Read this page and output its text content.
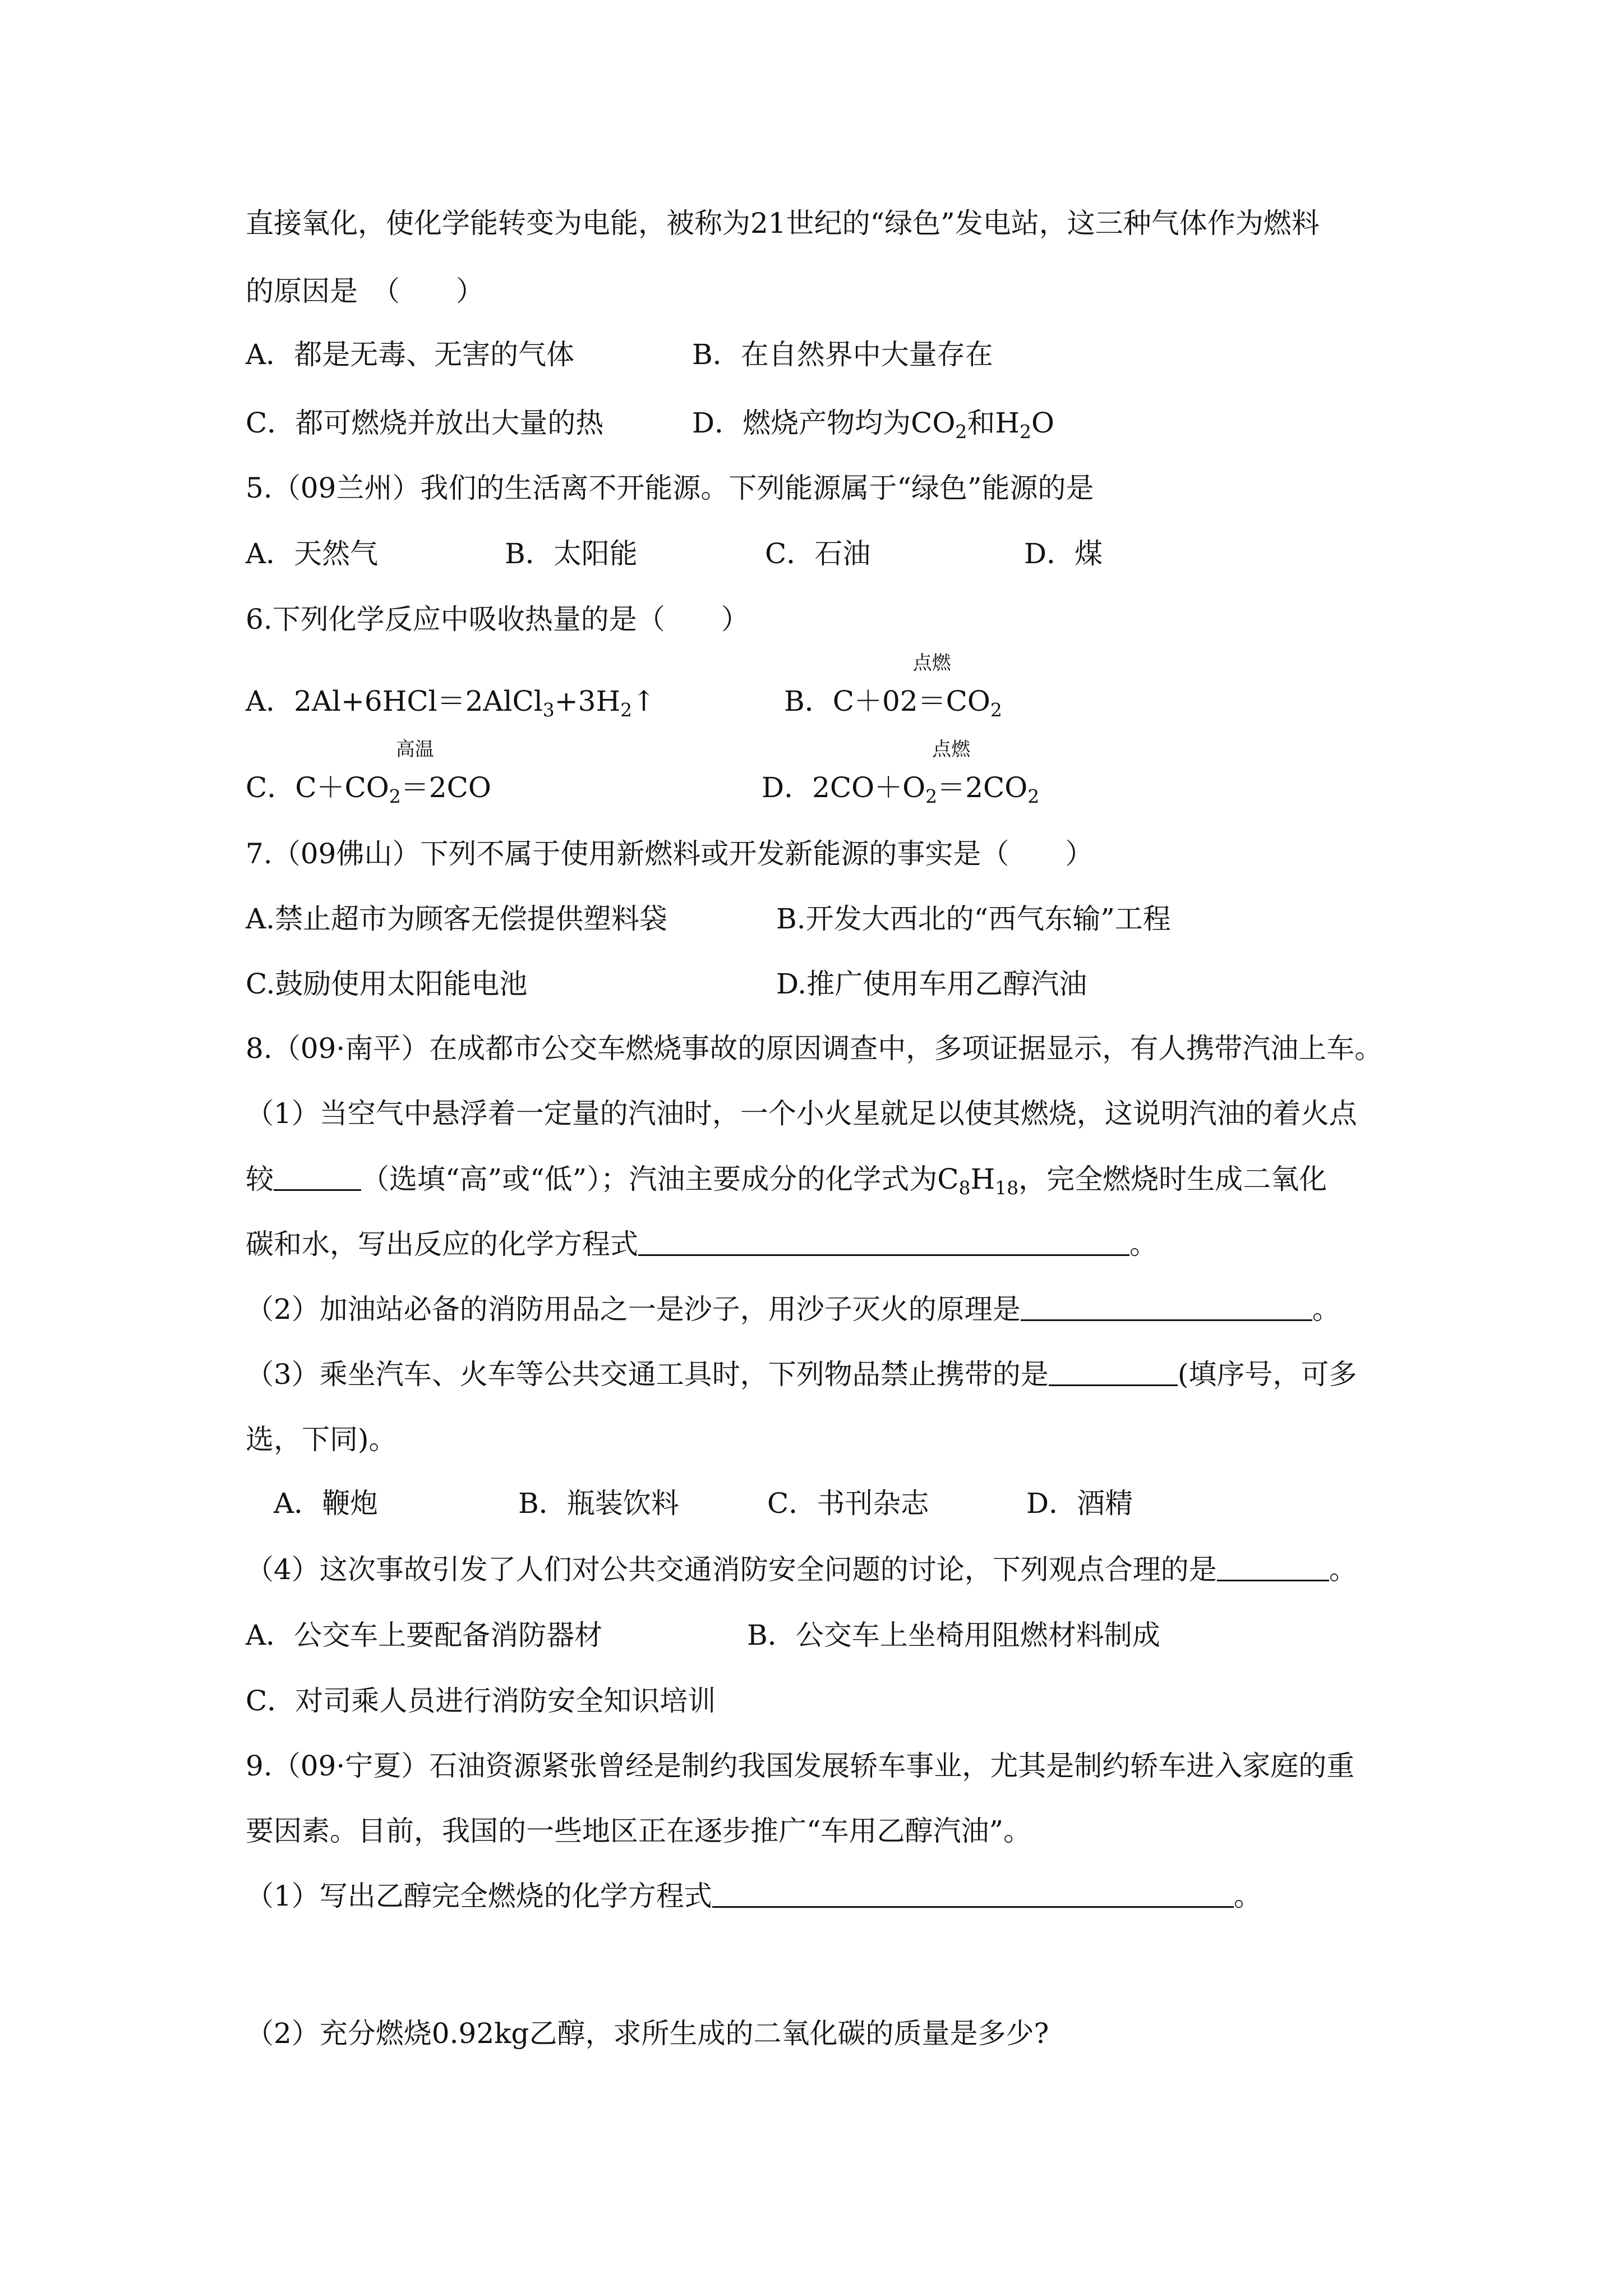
直接氧化，使化学能转变为电能，被称为21世纪的“绿色”发电站，这三种气体作为燃料
的原因是　（　　）
A．都是无毒、无害的气体	B．在自然界中大量存在
C．都可燃烧并放出大量的热	D．燃烧产物均为$CO_2$和$H_2O$
5.（09兰州）我们的生活离不开能源。下列能源属于“绿色”能源的是
A．天然气	B．太阳能	C．石油	D．煤
6.下列化学反应中吸收热量的是（　　）
A．$2Al+6HCl=2AlCl_3+3H_2↑$	B．C＋02
点燃
$=CO_2$
C．$C+CO_2$
高温
＝2CO	D．$2CO+O_2$
点燃
$=2CO_2$
7.（09佛山）下列不属于使用新燃料或开发新能源的事实是（　　）
A.禁止超市为顾客无偿提供塑料袋	B.开发大西北的“西气东输”工程
C.鼓励使用太阳能电池	D.推广使用车用乙醇汽油
8.（09·南平）在成都市公交车燃烧事故的原因调查中，多项证据显示，有人携带汽油上车。
（1）当空气中悬浮着一定量的汽油时，一个小火星就足以使其燃烧，这说明汽油的着火点
较	（选填“高”或“低”）；汽油主要成分的化学式为$C_8H_{18}$，完全燃烧时生成二氧化
碳和水，写出反应的化学方程式	。
（2）加油站必备的消防用品之一是沙子，用沙子灭火的原理是	。
（3）乘坐汽车、火车等公共交通工具时，下列物品禁止携带的是	(填序号，可多
选，下同)。
A．鞭炮	B．瓶装饮料	C．书刊杂志	D．酒精
（4）这次事故引发了人们对公共交通消防安全问题的讨论，下列观点合理的是	。
A．公交车上要配备消防器材	B．公交车上坐椅用阻燃材料制成
C．对司乘人员进行消防安全知识培训
9.（09·宁夏）石油资源紧张曾经是制约我国发展轿车事业，尤其是制约轿车进入家庭的重
要因素。目前，我国的一些地区正在逐步推广“车用乙醇汽油”。
（1）写出乙醇完全燃烧的化学方程式	。
（2）充分燃烧0.92kg乙醇，求所生成的二氧化碳的质量是多少?
